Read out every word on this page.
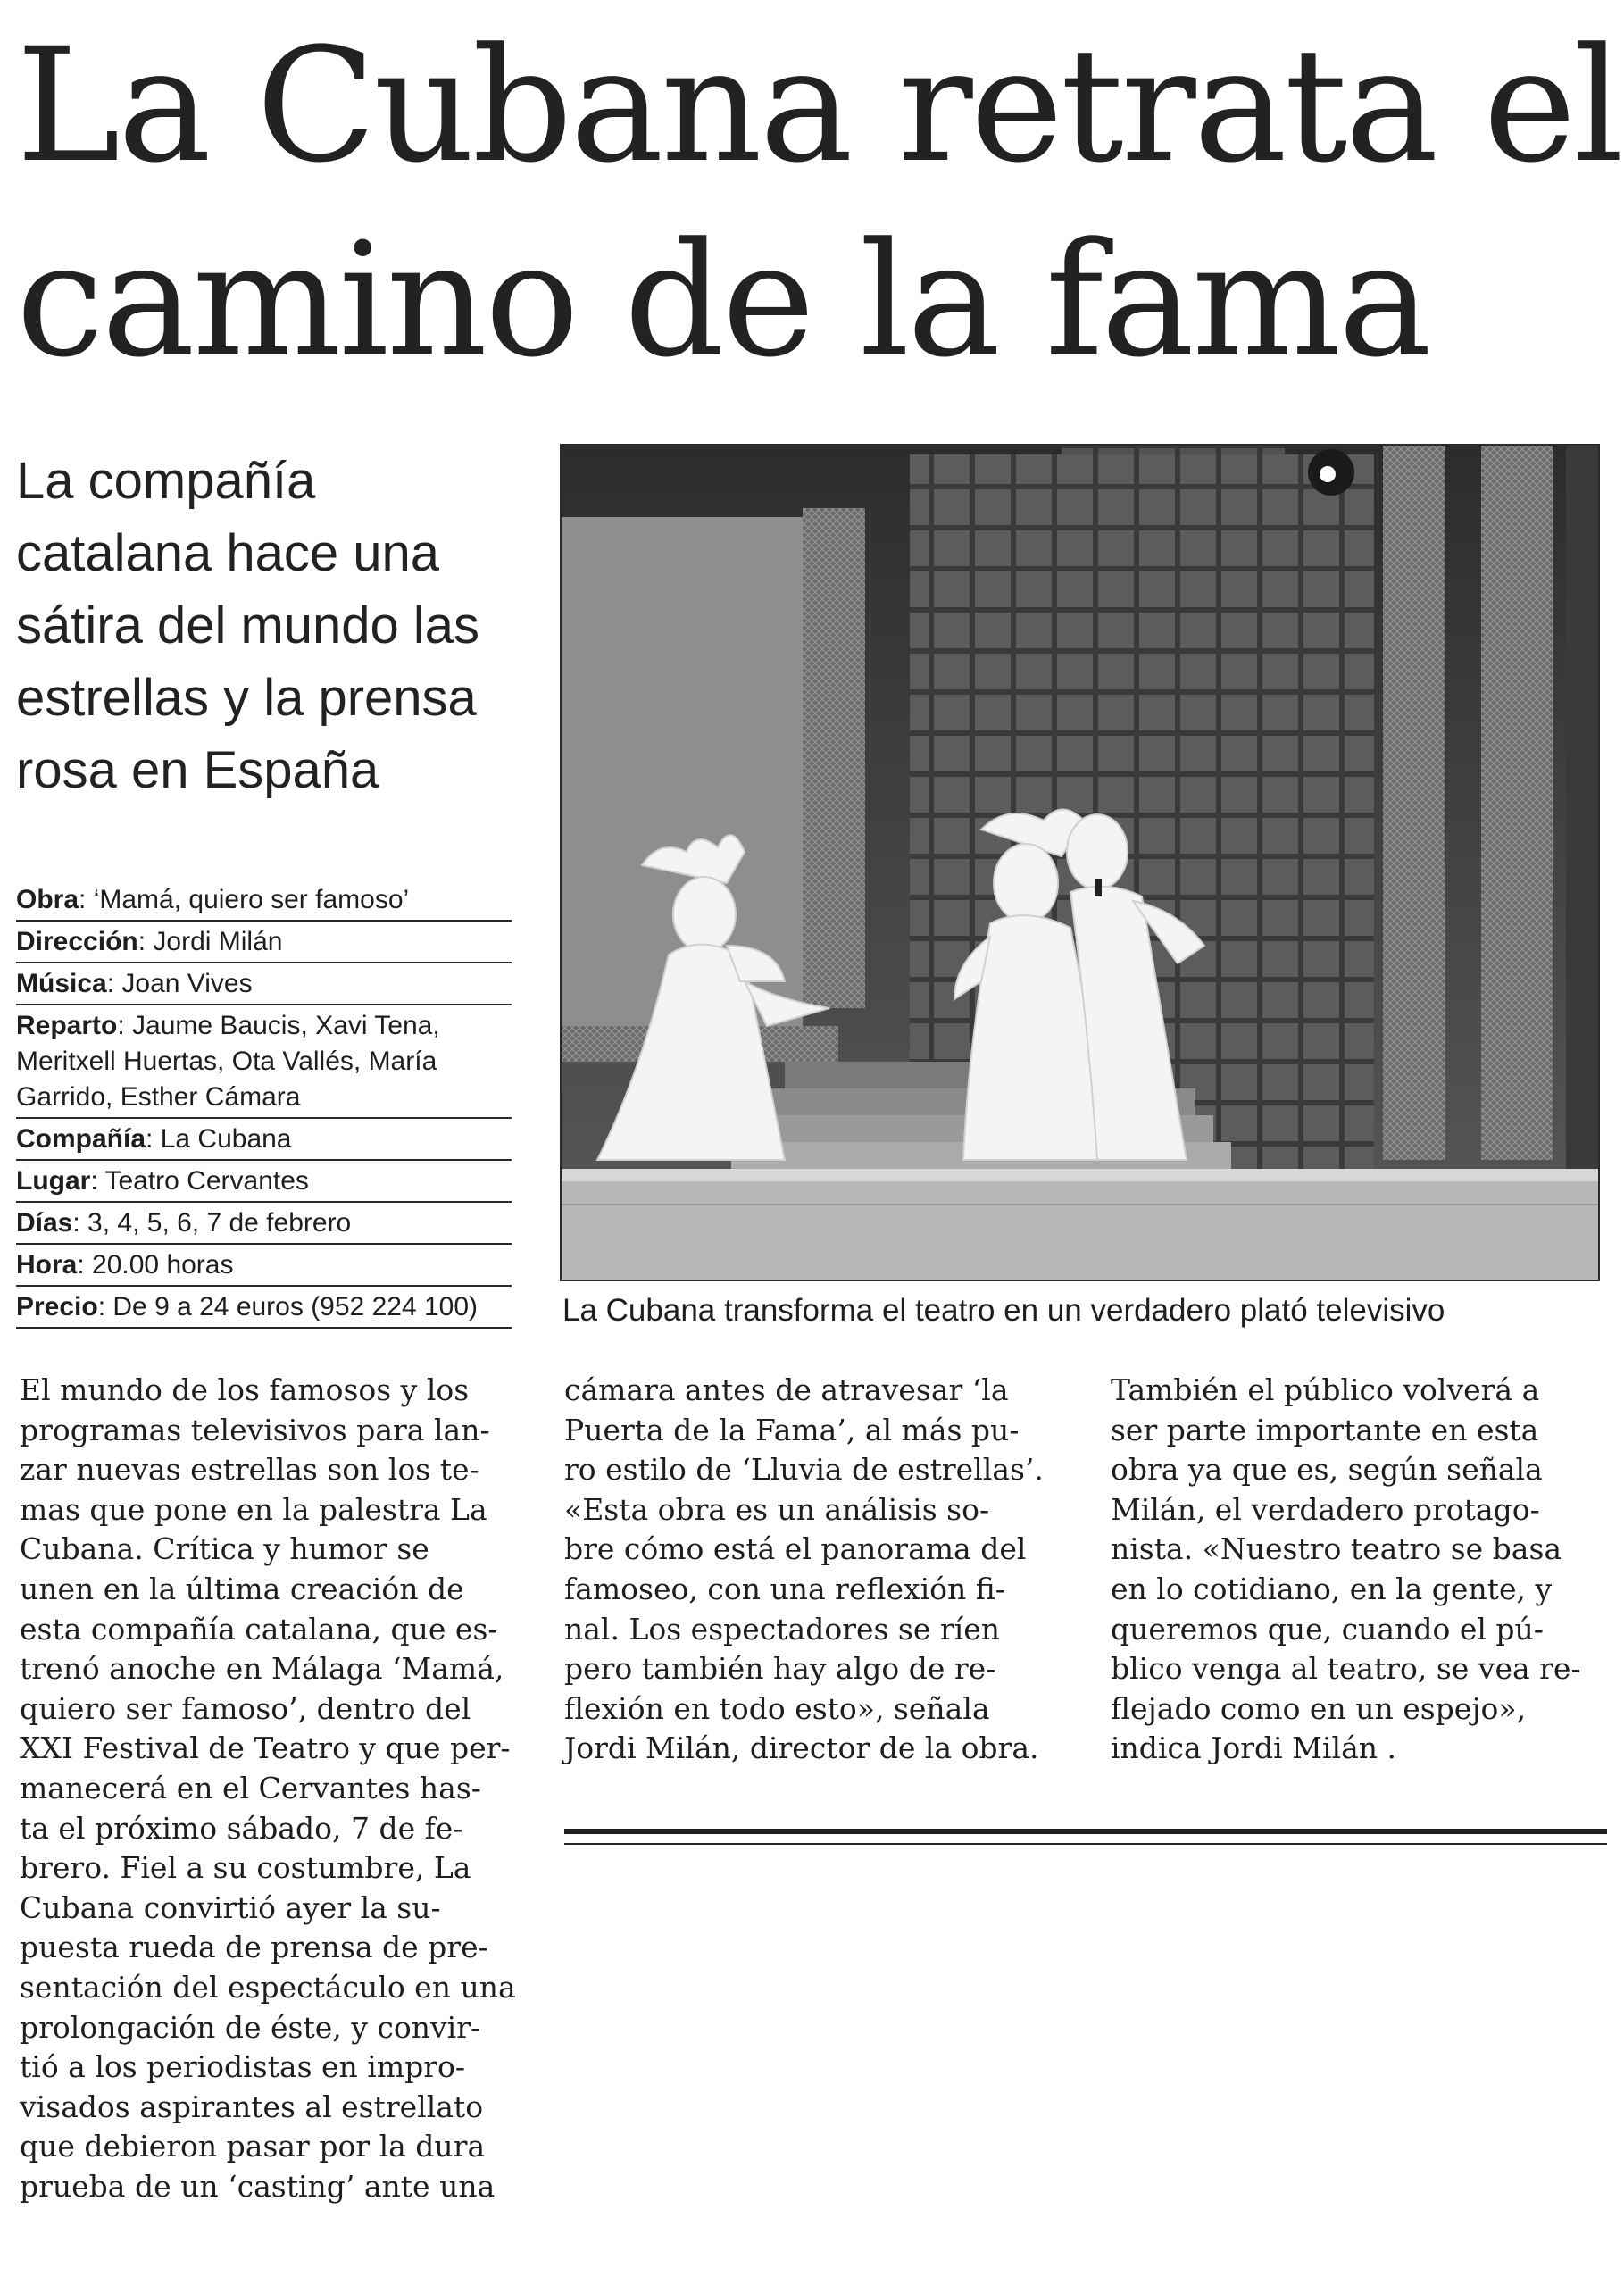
La Cubana retrata el
camino de la fama
La compañía
catalana hace una
sátira del mundo las
estrellas y la prensa
rosa en España
Obra: ‘Mamá, quiero ser famoso’
Dirección: Jordi Milán
Música: Joan Vives
Reparto: Jaume Baucis, Xavi Tena, Meritxell Huertas, Ota Vallés, María Garrido, Esther Cámara
Compañía: La Cubana
Lugar: Teatro Cervantes
Días: 3, 4, 5, 6, 7 de febrero
Hora: 20.00 horas
Precio: De 9 a 24 euros (952 224 100)	La Cubana transforma el teatro en un verdadero plató televisivo
El mundo de los famosos y los
programas televisivos para lan-
zar nuevas estrellas son los te-
mas que pone en la palestra La
Cubana. Crítica y humor se
unen en la última creación de
esta compañía catalana, que es-
trenó anoche en Málaga ‘Mamá,
quiero ser famoso’, dentro del
XXI Festival de Teatro y que per-
manecerá en el Cervantes has-
ta el próximo sábado, 7 de fe-
brero. Fiel a su costumbre, La
Cubana convirtió ayer la su-
puesta rueda de prensa de pre-
sentación del espectáculo en una
prolongación de éste, y convir-
tió a los periodistas en impro-
visados aspirantes al estrellato
que debieron pasar por la dura
prueba de un ‘casting’ ante una
cámara antes de atravesar ‘la
Puerta de la Fama’, al más pu-
ro estilo de ‘Lluvia de estrellas’.
«Esta obra es un análisis so-
bre cómo está el panorama del
famoseo, con una reflexión fi-
nal. Los espectadores se ríen
pero también hay algo de re-
flexión en todo esto», señala
Jordi Milán, director de la obra.
También el público volverá a
ser parte importante en esta
obra ya que es, según señala
Milán, el verdadero protago-
nista. «Nuestro teatro se basa
en lo cotidiano, en la gente, y
queremos que, cuando el pú-
blico venga al teatro, se vea re-
flejado como en un espejo»,
indica Jordi Milán .
